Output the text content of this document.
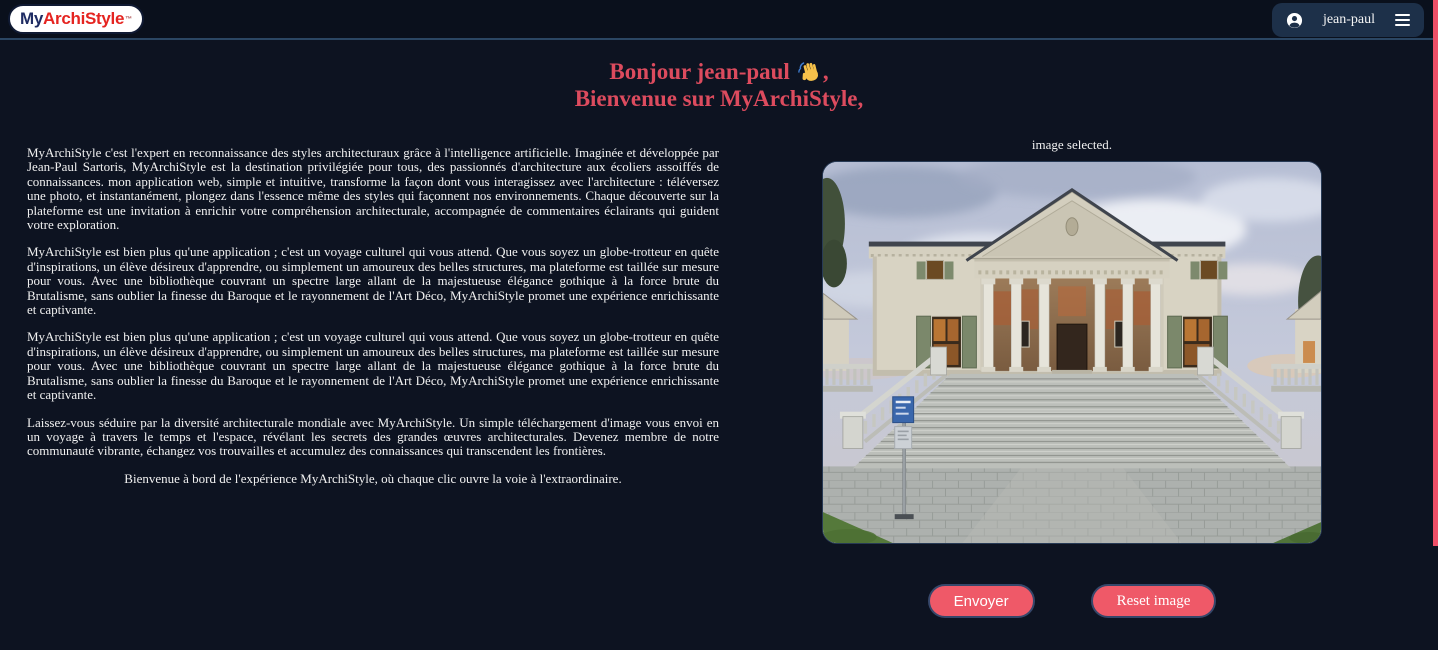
My ArchiStyle ™	jean-paul
Bonjour jean-paul ,
Bienvenue sur MyArchiStyle,

MyArchiStyle c'est l'expert en reconnaissance des styles architecturaux grâce à l'intelligence artificielle. Imaginée et développée par Jean-Paul Sartoris, MyArchiStyle est la destination privilégiée pour tous, des passionnés d'architecture aux écoliers assoiffés de connaissances. mon application web, simple et intuitive, transforme la façon dont vous interagissez avec l'architecture : téléversez une photo, et instantanément, plongez dans l'essence même des styles qui façonnent nos environnements. Chaque découverte sur la plateforme est une invitation à enrichir votre compréhension architecturale, accompagnée de commentaires éclairants qui guident votre exploration.

MyArchiStyle est bien plus qu'une application ; c'est un voyage culturel qui vous attend. Que vous soyez un globe-trotteur en quête d'inspirations, un élève désireux d'apprendre, ou simplement un amoureux des belles structures, ma plateforme est taillée sur mesure pour vous. Avec une bibliothèque couvrant un spectre large allant de la majestueuse élégance gothique à la force brute du Brutalisme, sans oublier la finesse du Baroque et le rayonnement de l'Art Déco, MyArchiStyle promet une expérience enrichissante et captivante.

MyArchiStyle est bien plus qu'une application ; c'est un voyage culturel qui vous attend. Que vous soyez un globe-trotteur en quête d'inspirations, un élève désireux d'apprendre, ou simplement un amoureux des belles structures, ma plateforme est taillée sur mesure pour vous. Avec une bibliothèque couvrant un spectre large allant de la majestueuse élégance gothique à la force brute du Brutalisme, sans oublier la finesse du Baroque et le rayonnement de l'Art Déco, MyArchiStyle promet une expérience enrichissante et captivante.

Laissez-vous séduire par la diversité architecturale mondiale avec MyArchiStyle. Un simple téléchargement d'image vous envoi en un voyage à travers le temps et l'espace, révélant les secrets des grandes œuvres architecturales. Devenez membre de notre communauté vibrante, échangez vos trouvailles et accumulez des connaissances qui transcendent les frontières.

Bienvenue à bord de l'expérience MyArchiStyle, où chaque clic ouvre la voie à l'extraordinaire.
image selected.
Envoyer	Reset image
